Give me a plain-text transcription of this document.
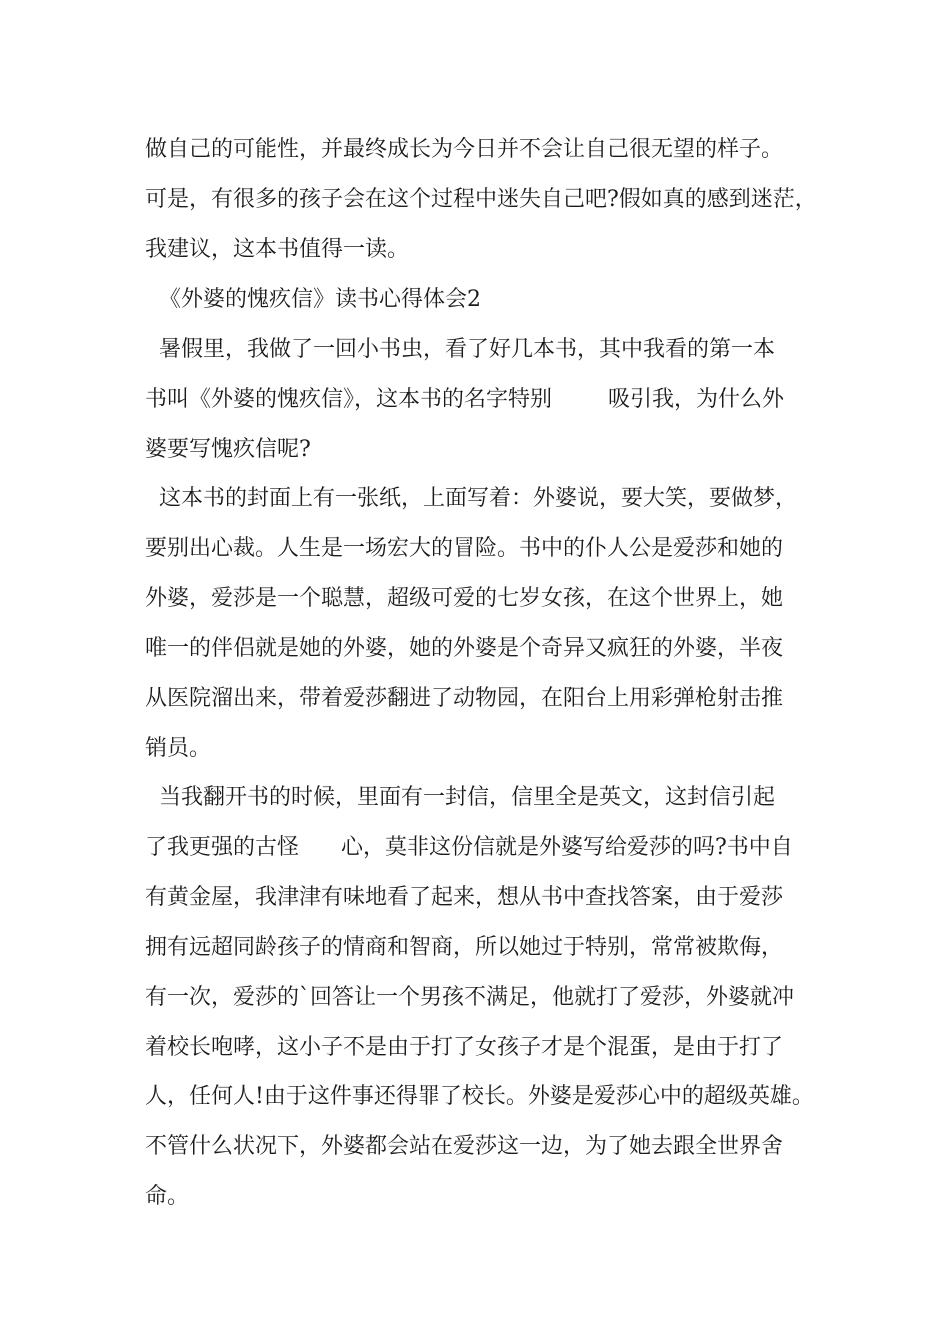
做自己的可能性，并最终成长为今日并不会让自己很无望的样子。
可是，有很多的孩子会在这个过程中迷失自己吧?假如真的感到迷茫，
我建议，这本书值得一读。
《外婆的愧疚信》读书心得体会2
暑假里，我做了一回小书虫，看了好几本书，其中我看的第一本
书叫《外婆的愧疚信》，这本书的名字特别        吸引我，为什么外
婆要写愧疚信呢?
这本书的封面上有一张纸，上面写着：外婆说，要大笑，要做梦，
要别出心裁。人生是一场宏大的冒险。书中的仆人公是爱莎和她的
外婆，爱莎是一个聪慧，超级可爱的七岁女孩，在这个世界上，她
唯一的伴侣就是她的外婆，她的外婆是个奇异又疯狂的外婆，半夜
从医院溜出来，带着爱莎翻进了动物园，在阳台上用彩弹枪射击推
销员。
当我翻开书的时候，里面有一封信，信里全是英文，这封信引起
了我更强的古怪      心，莫非这份信就是外婆写给爱莎的吗?书中自
有黄金屋，我津津有味地看了起来，想从书中查找答案，由于爱莎
拥有远超同龄孩子的情商和智商，所以她过于特别，常常被欺侮，
有一次，爱莎的`回答让一个男孩不满足，他就打了爱莎，外婆就冲
着校长咆哮，这小子不是由于打了女孩子才是个混蛋，是由于打了
人，任何人!由于这件事还得罪了校长。外婆是爱莎心中的超级英雄。
不管什么状况下，外婆都会站在爱莎这一边，为了她去跟全世界舍
命。
